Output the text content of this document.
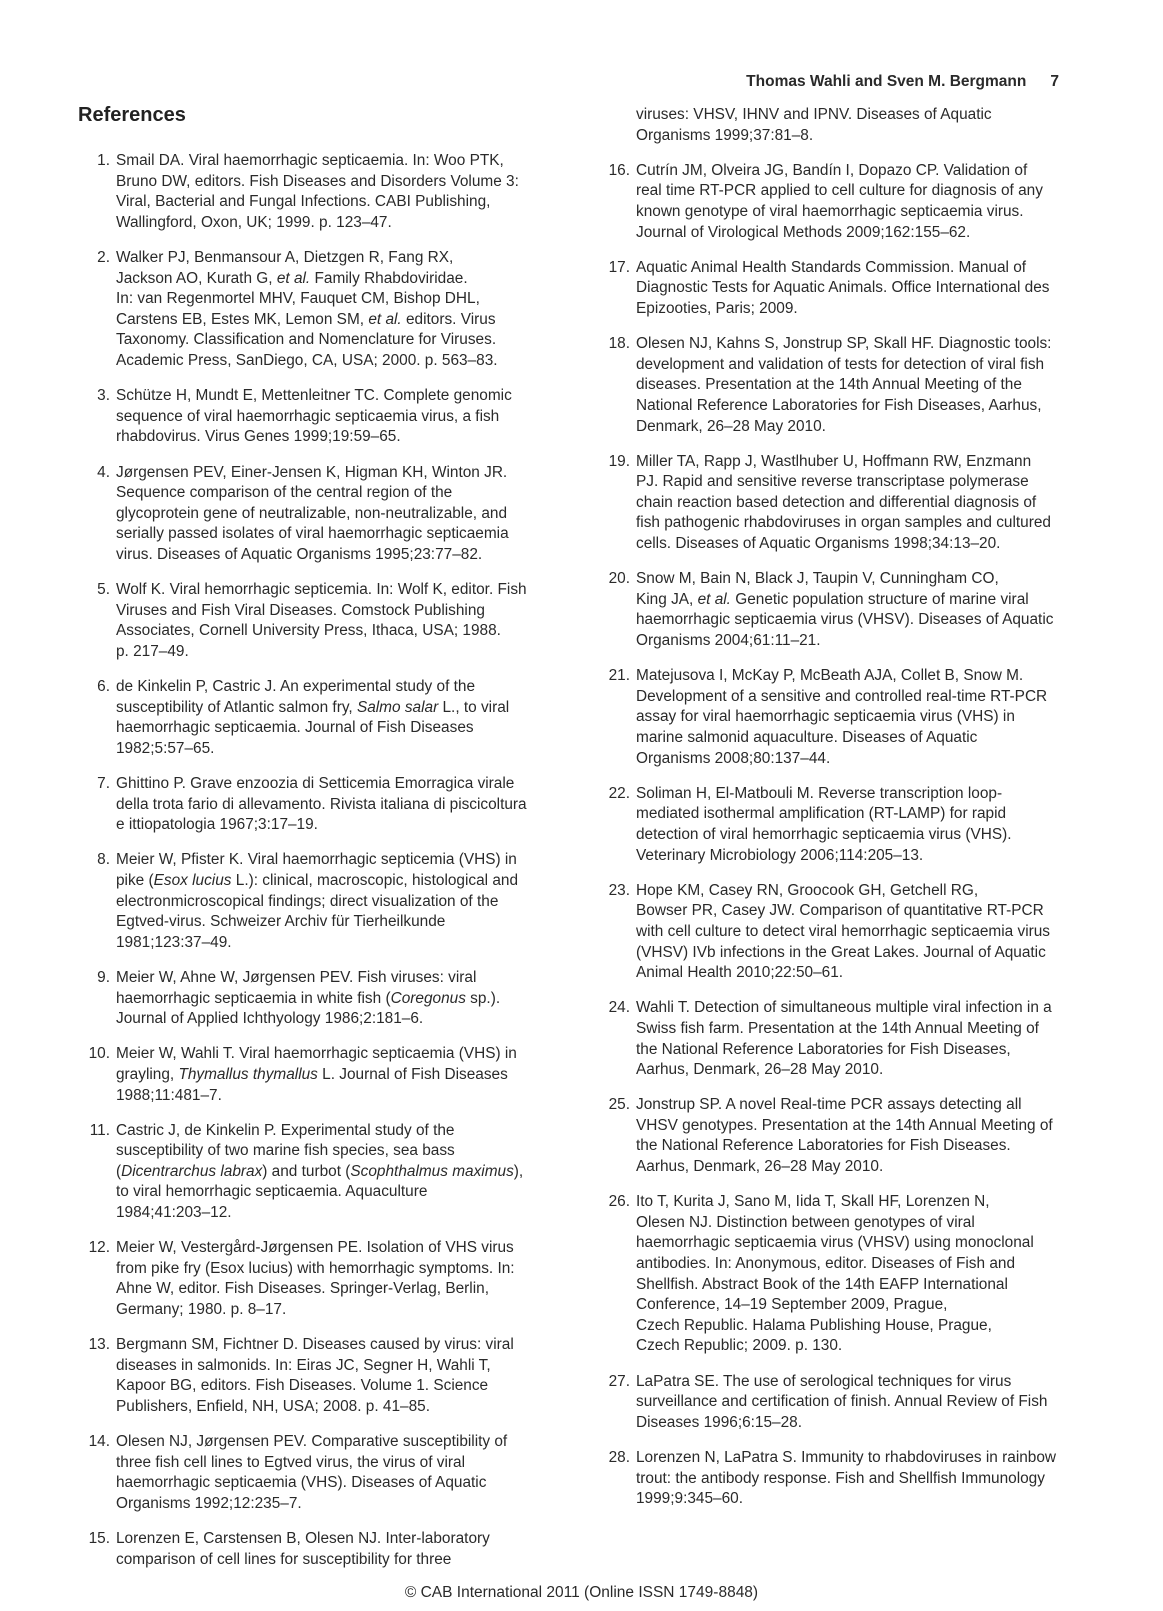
Thomas Wahli and Sven M. Bergmann 7
References
1. Smail DA. Viral haemorrhagic septicaemia. In: Woo PTK,
Bruno DW, editors. Fish Diseases and Disorders Volume 3:
Viral, Bacterial and Fungal Infections. CABI Publishing,
Wallingford, Oxon, UK; 1999. p. 123–47.
2. Walker PJ, Benmansour A, Dietzgen R, Fang RX,
Jackson AO, Kurath G, et al. Family Rhabdoviridae.
In: van Regenmortel MHV, Fauquet CM, Bishop DHL,
Carstens EB, Estes MK, Lemon SM, et al. editors. Virus
Taxonomy. Classification and Nomenclature for Viruses.
Academic Press, SanDiego, CA, USA; 2000. p. 563–83.
3. Schütze H, Mundt E, Mettenleitner TC. Complete genomic
sequence of viral haemorrhagic septicaemia virus, a fish
rhabdovirus. Virus Genes 1999;19:59–65.
4. Jørgensen PEV, Einer-Jensen K, Higman KH, Winton JR.
Sequence comparison of the central region of the
glycoprotein gene of neutralizable, non-neutralizable, and
serially passed isolates of viral haemorrhagic septicaemia
virus. Diseases of Aquatic Organisms 1995;23:77–82.
5. Wolf K. Viral hemorrhagic septicemia. In: Wolf K, editor. Fish
Viruses and Fish Viral Diseases. Comstock Publishing
Associates, Cornell University Press, Ithaca, USA; 1988.
p. 217–49.
6. de Kinkelin P, Castric J. An experimental study of the
susceptibility of Atlantic salmon fry, Salmo salar L., to viral
haemorrhagic septicaemia. Journal of Fish Diseases
1982;5:57–65.
7. Ghittino P. Grave enzoozia di Setticemia Emorragica virale
della trota fario di allevamento. Rivista italiana di piscicoltura
e ittiopatologia 1967;3:17–19.
8. Meier W, Pfister K. Viral haemorrhagic septicemia (VHS) in
pike (Esox lucius L.): clinical, macroscopic, histological and
electronmicroscopical findings; direct visualization of the
Egtved-virus. Schweizer Archiv für Tierheilkunde
1981;123:37–49.
9. Meier W, Ahne W, Jørgensen PEV. Fish viruses: viral
haemorrhagic septicaemia in white fish (Coregonus sp.).
Journal of Applied Ichthyology 1986;2:181–6.
10. Meier W, Wahli T. Viral haemorrhagic septicaemia (VHS) in
grayling, Thymallus thymallus L. Journal of Fish Diseases
1988;11:481–7.
11. Castric J, de Kinkelin P. Experimental study of the
susceptibility of two marine fish species, sea bass
(Dicentrarchus labrax) and turbot (Scophthalmus maximus),
to viral hemorrhagic septicaemia. Aquaculture
1984;41:203–12.
12. Meier W, Vestergård-Jørgensen PE. Isolation of VHS virus
from pike fry (Esox lucius) with hemorrhagic symptoms. In:
Ahne W, editor. Fish Diseases. Springer-Verlag, Berlin,
Germany; 1980. p. 8–17.
13. Bergmann SM, Fichtner D. Diseases caused by virus: viral
diseases in salmonids. In: Eiras JC, Segner H, Wahli T,
Kapoor BG, editors. Fish Diseases. Volume 1. Science
Publishers, Enfield, NH, USA; 2008. p. 41–85.
14. Olesen NJ, Jørgensen PEV. Comparative susceptibility of
three fish cell lines to Egtved virus, the virus of viral
haemorrhagic septicaemia (VHS). Diseases of Aquatic
Organisms 1992;12:235–7.
15. Lorenzen E, Carstensen B, Olesen NJ. Inter-laboratory
comparison of cell lines for susceptibility for three
viruses: VHSV, IHNV and IPNV. Diseases of Aquatic
Organisms 1999;37:81–8.
16. Cutrín JM, Olveira JG, Bandín I, Dopazo CP. Validation of
real time RT-PCR applied to cell culture for diagnosis of any
known genotype of viral haemorrhagic septicaemia virus.
Journal of Virological Methods 2009;162:155–62.
17. Aquatic Animal Health Standards Commission. Manual of
Diagnostic Tests for Aquatic Animals. Office International des
Epizooties, Paris; 2009.
18. Olesen NJ, Kahns S, Jonstrup SP, Skall HF. Diagnostic tools:
development and validation of tests for detection of viral fish
diseases. Presentation at the 14th Annual Meeting of the
National Reference Laboratories for Fish Diseases, Aarhus,
Denmark, 26–28 May 2010.
19. Miller TA, Rapp J, Wastlhuber U, Hoffmann RW, Enzmann
PJ. Rapid and sensitive reverse transcriptase polymerase
chain reaction based detection and differential diagnosis of
fish pathogenic rhabdoviruses in organ samples and cultured
cells. Diseases of Aquatic Organisms 1998;34:13–20.
20. Snow M, Bain N, Black J, Taupin V, Cunningham CO,
King JA, et al. Genetic population structure of marine viral
haemorrhagic septicaemia virus (VHSV). Diseases of Aquatic
Organisms 2004;61:11–21.
21. Matejusova I, McKay P, McBeath AJA, Collet B, Snow M.
Development of a sensitive and controlled real-time RT-PCR
assay for viral haemorrhagic septicaemia virus (VHS) in
marine salmonid aquaculture. Diseases of Aquatic
Organisms 2008;80:137–44.
22. Soliman H, El-Matbouli M. Reverse transcription loop-
mediated isothermal amplification (RT-LAMP) for rapid
detection of viral hemorrhagic septicaemia virus (VHS).
Veterinary Microbiology 2006;114:205–13.
23. Hope KM, Casey RN, Groocook GH, Getchell RG,
Bowser PR, Casey JW. Comparison of quantitative RT-PCR
with cell culture to detect viral hemorrhagic septicaemia virus
(VHSV) IVb infections in the Great Lakes. Journal of Aquatic
Animal Health 2010;22:50–61.
24. Wahli T. Detection of simultaneous multiple viral infection in a
Swiss fish farm. Presentation at the 14th Annual Meeting of
the National Reference Laboratories for Fish Diseases,
Aarhus, Denmark, 26–28 May 2010.
25. Jonstrup SP. A novel Real-time PCR assays detecting all
VHSV genotypes. Presentation at the 14th Annual Meeting of
the National Reference Laboratories for Fish Diseases.
Aarhus, Denmark, 26–28 May 2010.
26. Ito T, Kurita J, Sano M, Iida T, Skall HF, Lorenzen N,
Olesen NJ. Distinction between genotypes of viral
haemorrhagic septicaemia virus (VHSV) using monoclonal
antibodies. In: Anonymous, editor. Diseases of Fish and
Shellfish. Abstract Book of the 14th EAFP International
Conference, 14–19 September 2009, Prague,
Czech Republic. Halama Publishing House, Prague,
Czech Republic; 2009. p. 130.
27. LaPatra SE. The use of serological techniques for virus
surveillance and certification of finish. Annual Review of Fish
Diseases 1996;6:15–28.
28. Lorenzen N, LaPatra S. Immunity to rhabdoviruses in rainbow
trout: the antibody response. Fish and Shellfish Immunology
1999;9:345–60.
© CAB International 2011 (Online ISSN 1749-8848)
